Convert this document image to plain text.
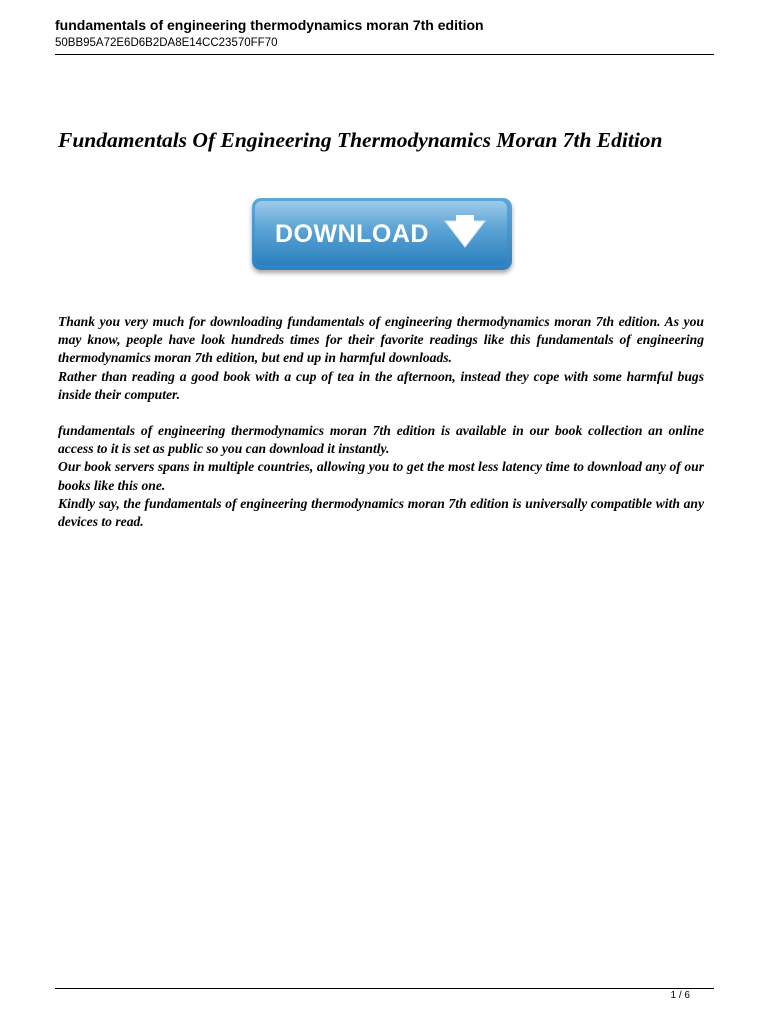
fundamentals of engineering thermodynamics moran 7th edition
50BB95A72E6D6B2DA8E14CC23570FF70
Fundamentals Of Engineering Thermodynamics Moran 7th Edition
DOWNLOAD

Thank you very much for downloading fundamentals of engineering thermodynamics moran 7th edition. As you may know, people have look hundreds times for their favorite readings like this fundamentals of engineering thermodynamics moran 7th edition, but end up in harmful downloads.

Rather than reading a good book with a cup of tea in the afternoon, instead they cope with some harmful bugs inside their computer.

fundamentals of engineering thermodynamics moran 7th edition is available in our book collection an online access to it is set as public so you can download it instantly.

Our book servers spans in multiple countries, allowing you to get the most less latency time to download any of our books like this one.

Kindly say, the fundamentals of engineering thermodynamics moran 7th edition is universally compatible with any devices to read.

1 / 6
